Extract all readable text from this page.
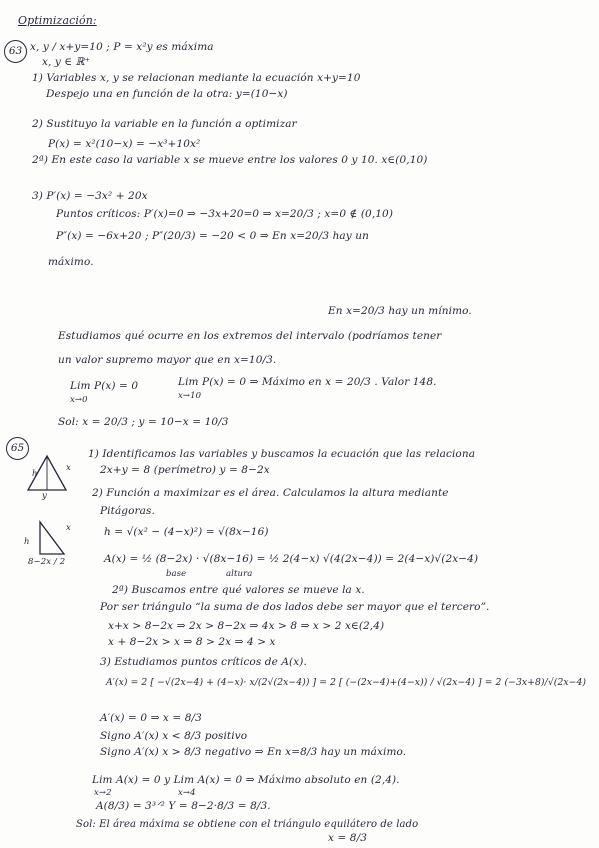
Optimización:
63 x, y / x+y=10 ; P = x²y es máxima
x, y ∈ ℝ⁺
1) Variables x, y se relacionan mediante la ecuación x+y=10
Despejo una en función de la otra: y=(10−x)
2) Sustituyo la variable en la función a optimizar
P(x) = x²(10−x) = −x³+10x²
2ª) En este caso la variable x se mueve entre los valores 0 y 10. x∈(0,10)
3) P′(x) = −3x² + 20x
Puntos críticos: P′(x)=0 ⇒ −3x+20=0 ⇒ x=20/3 ; x=0 ∉ (0,10)
P″(x) = −6x+20 ; P″(20/3) = −20 < 0 ⇒ En x=20/3 hay un
máximo.
En x=20/3 hay un mínimo.
Estudiamos qué ocurre en los extremos del intervalo (podríamos tener
un valor supremo mayor que en x=10/3.
Lim P(x) = 0
x→0
Lim P(x) = 0 ⇒ Máximo en x = 20/3 . Valor 148.
x→10
Sol: x = 20/3 ; y = 10−x = 10/3
65
x
h
y
h
x
8−2x / 2
1) Identificamos las variables y buscamos la ecuación que las relaciona
2x+y = 8 (perímetro) y = 8−2x
2) Función a maximizar es el área. Calculamos la altura mediante
Pitágoras.
h = √(x² − (4−x)²) = √(8x−16)
A(x) = ½ (8−2x) · √(8x−16) = ½ 2(4−x) √(4(2x−4)) = 2(4−x)√(2x−4)
base	altura
2ª) Buscamos entre qué valores se mueve la x.
Por ser triángulo “la suma de dos lados debe ser mayor que el tercero”.
x+x > 8−2x ⇒ 2x > 8−2x ⇒ 4x > 8 ⇒ x > 2 x∈(2,4)
x + 8−2x > x ⇒ 8 > 2x ⇒ 4 > x
3) Estudiamos puntos críticos de A(x).
A′(x) = 2 [ −√(2x−4) + (4−x)· x/(2√(2x−4)) ] = 2 [ (−(2x−4)+(4−x)) / √(2x−4) ] = 2 (−3x+8)/√(2x−4)
A′(x) = 0 ⇒ x = 8/3
Signo A′(x) x < 8/3 positivo
Signo A′(x) x > 8/3 negativo ⇒ En x=8/3 hay un máximo.
Lim A(x) = 0 y Lim A(x) = 0 ⇒ Máximo absoluto en (2,4).
x→2	x→4
A(8/3) = 3³ᐟ² Y = 8−2·8/3 = 8/3.
Sol: El área máxima se obtiene con el triángulo equilátero de lado
x = 8/3
